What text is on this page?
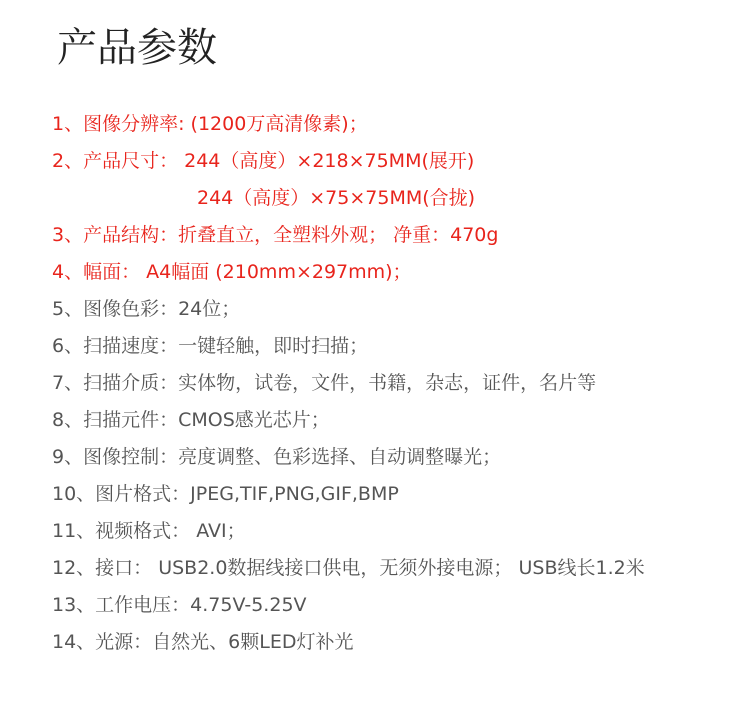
产品参数
1、图像分辨率: (1200万高清像素)；
2、产品尺寸： 244（高度）×218×75MM(展开)
244（高度）×75×75MM(合拢)
3、产品结构：折叠直立，全塑料外观； 净重：470g
4、幅面： A4幅面 (210mm×297mm)；
5、图像色彩：24位；
6、扫描速度：一键轻触，即时扫描；
7、扫描介质：实体物，试卷，文件，书籍，杂志，证件，名片等
8、扫描元件：CMOS感光芯片；
9、图像控制：亮度调整、色彩选择、自动调整曝光；
10、图片格式：JPEG,TIF,PNG,GIF,BMP
11、视频格式： AVI；
12、接口： USB2.0数据线接口供电，无须外接电源； USB线长1.2米
13、工作电压：4.75V-5.25V
14、光源：自然光、6颗LED灯补光
